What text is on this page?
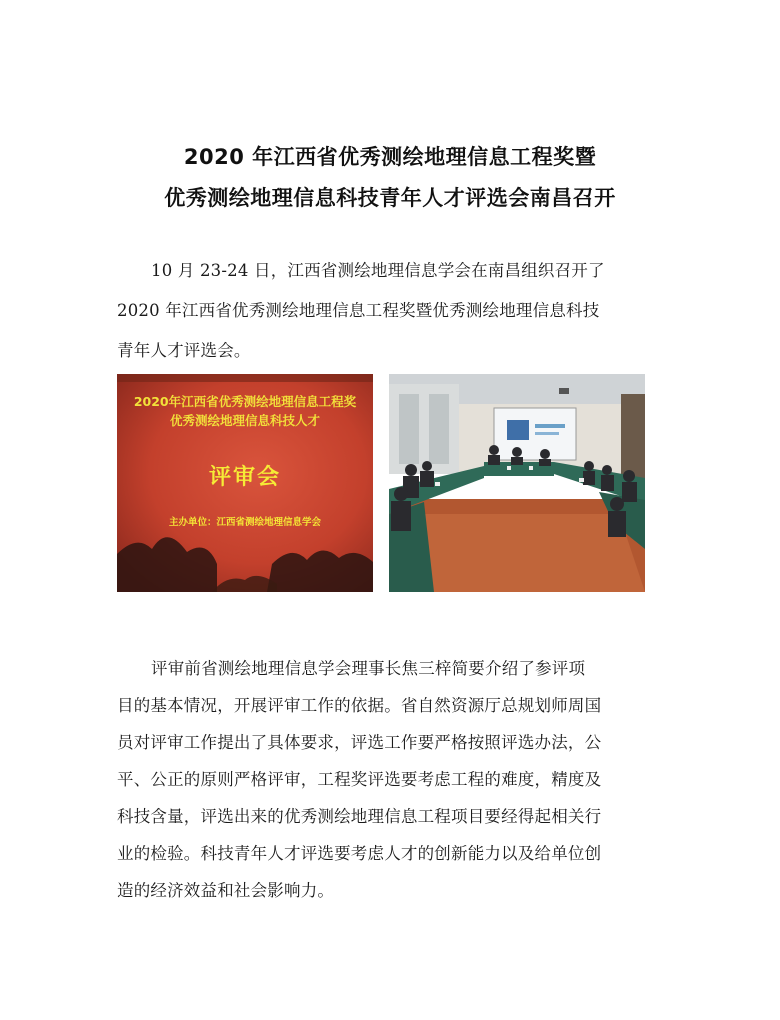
2020 年江西省优秀测绘地理信息工程奖暨
优秀测绘地理信息科技青年人才评选会南昌召开
10 月 23-24 日，江西省测绘地理信息学会在南昌组织召开了
2020 年江西省优秀测绘地理信息工程奖暨优秀测绘地理信息科技
青年人才评选会。
2020年江西省优秀测绘地理信息工程奖
优秀测绘地理信息科技人才
评审会
主办单位：江西省测绘地理信息学会
评审前省测绘地理信息学会理事长焦三梓简要介绍了参评项
目的基本情况，开展评审工作的依据。省自然资源厅总规划师周国
员对评审工作提出了具体要求，评选工作要严格按照评选办法，公
平、公正的原则严格评审，工程奖评选要考虑工程的难度，精度及
科技含量，评选出来的优秀测绘地理信息工程项目要经得起相关行
业的检验。科技青年人才评选要考虑人才的创新能力以及给单位创
造的经济效益和社会影响力。
